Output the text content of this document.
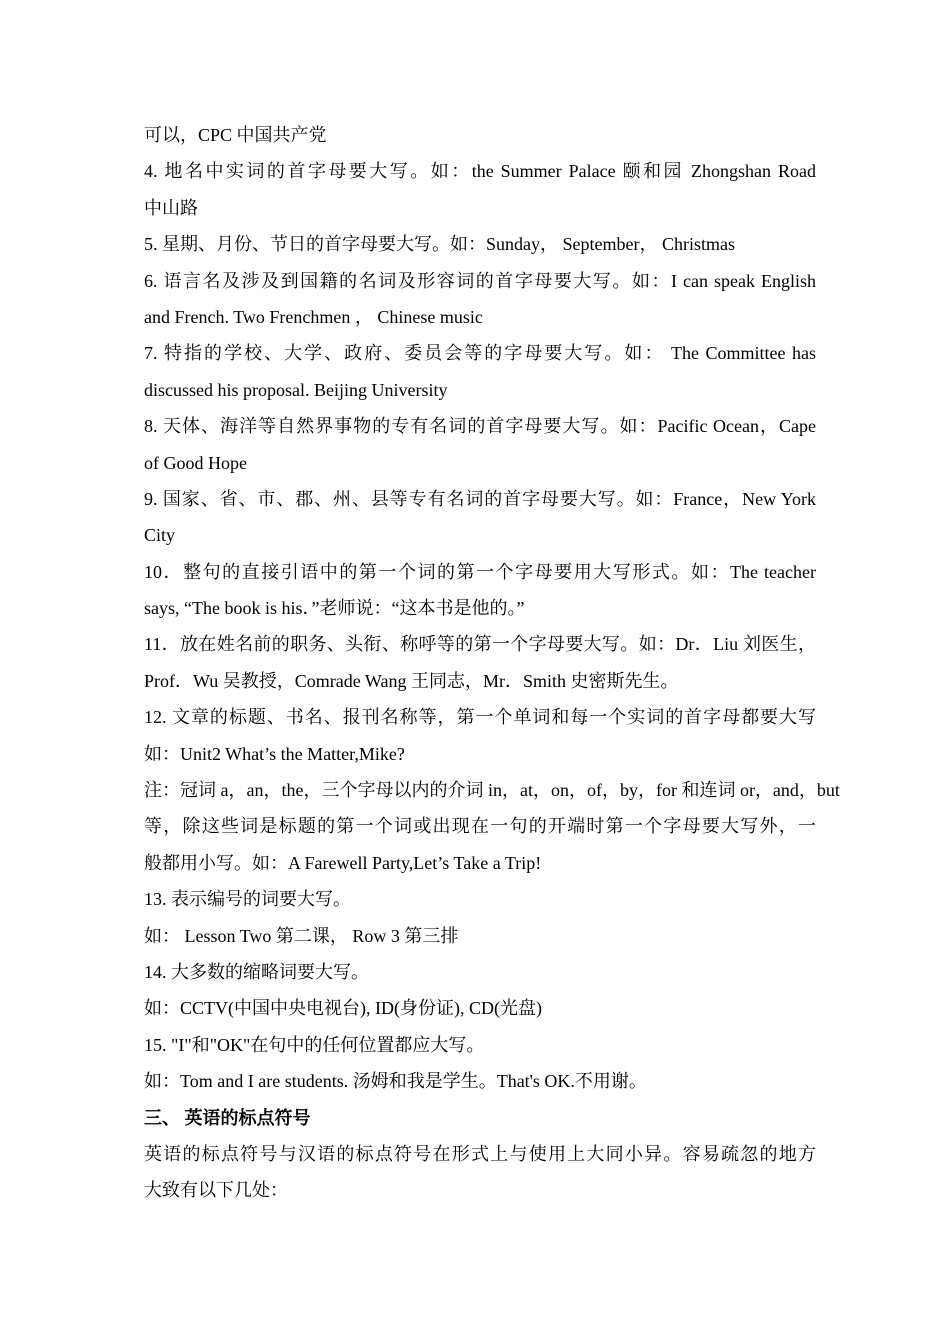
可以，CPC 中国共产党
4. 地名中实词的首字母要大写。如：the Summer Palace 颐和园 Zhongshan Road
中山路
5. 星期、月份、节日的首字母要大写。如：Sunday， September， Christmas
6. 语言名及涉及到国籍的名词及形容词的首字母要大写。如：I can speak English
and French. Two Frenchmen ， Chinese music
7. 特指的学校、大学、政府、委员会等的字母要大写。如： The Committee has
discussed his proposal. Beijing University
8. 天体、海洋等自然界事物的专有名词的首字母要大写。如：Pacific Ocean，Cape
of Good Hope
9. 国家、省、市、郡、州、县等专有名词的首字母要大写。如：France，New York
City
10．整句的直接引语中的第一个词的第一个字母要用大写形式。如：The teacher
says, “The book is his．”老师说：“这本书是他的。”
11．放在姓名前的职务、头衔、称呼等的第一个字母要大写。如：Dr．Liu 刘医生，
Prof．Wu 吴教授，Comrade Wang 王同志，Mr．Smith 史密斯先生。
12. 文章的标题、书名、报刊名称等，第一个单词和每一个实词的首字母都要大写
如：Unit2 What’s the Matter,Mike?
注：冠词 a，an，the，三个字母以内的介词 in，at，on，of，by，for 和连词 or，and，but
等，除这些词是标题的第一个词或出现在一句的开端时第一个字母要大写外，一
般都用小写。如：A Farewell Party,Let’s Take a Trip!
13. 表示编号的词要大写。
如： Lesson Two 第二课， Row 3 第三排
14. 大多数的缩略词要大写。
如：CCTV(中国中央电视台), ID(身份证), CD(光盘)
15. "I"和"OK"在句中的任何位置都应大写。
如：Tom and I are students. 汤姆和我是学生。That's OK.不用谢。
三、 英语的标点符号
英语的标点符号与汉语的标点符号在形式上与使用上大同小异。容易疏忽的地方
大致有以下几处：
